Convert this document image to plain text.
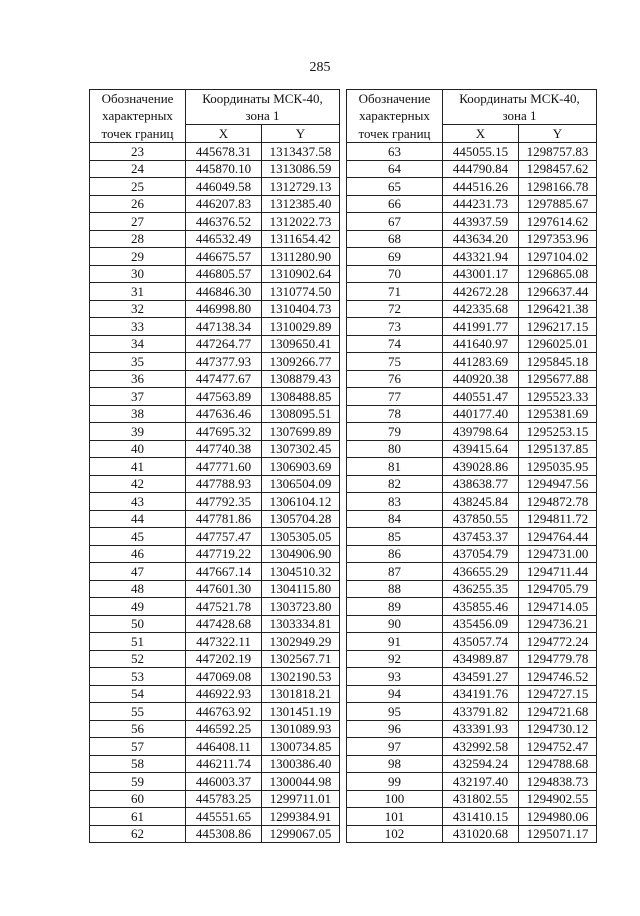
285
Обозначение	Координаты МСК-40,	
характерных	зона 1	
точек границ	X	Y
23	445678.31	1313437.58
24	445870.10	1313086.59
25	446049.58	1312729.13
26	446207.83	1312385.40
27	446376.52	1312022.73
28	446532.49	1311654.42
29	446675.57	1311280.90
30	446805.57	1310902.64
31	446846.30	1310774.50
32	446998.80	1310404.73
33	447138.34	1310029.89
34	447264.77	1309650.41
35	447377.93	1309266.77
36	447477.67	1308879.43
37	447563.89	1308488.85
38	447636.46	1308095.51
39	447695.32	1307699.89
40	447740.38	1307302.45
41	447771.60	1306903.69
42	447788.93	1306504.09
43	447792.35	1306104.12
44	447781.86	1305704.28
45	447757.47	1305305.05
46	447719.22	1304906.90
47	447667.14	1304510.32
48	447601.30	1304115.80
49	447521.78	1303723.80
50	447428.68	1303334.81
51	447322.11	1302949.29
52	447202.19	1302567.71
53	447069.08	1302190.53
54	446922.93	1301818.21
55	446763.92	1301451.19
56	446592.25	1301089.93
57	446408.11	1300734.85
58	446211.74	1300386.40
59	446003.37	1300044.98
60	445783.25	1299711.01
61	445551.65	1299384.91
62	445308.86	1299067.05
Обозначение	Координаты МСК-40,	
характерных	зона 1	
точек границ	X	Y
63	445055.15	1298757.83
64	444790.84	1298457.62
65	444516.26	1298166.78
66	444231.73	1297885.67
67	443937.59	1297614.62
68	443634.20	1297353.96
69	443321.94	1297104.02
70	443001.17	1296865.08
71	442672.28	1296637.44
72	442335.68	1296421.38
73	441991.77	1296217.15
74	441640.97	1296025.01
75	441283.69	1295845.18
76	440920.38	1295677.88
77	440551.47	1295523.33
78	440177.40	1295381.69
79	439798.64	1295253.15
80	439415.64	1295137.85
81	439028.86	1295035.95
82	438638.77	1294947.56
83	438245.84	1294872.78
84	437850.55	1294811.72
85	437453.37	1294764.44
86	437054.79	1294731.00
87	436655.29	1294711.44
88	436255.35	1294705.79
89	435855.46	1294714.05
90	435456.09	1294736.21
91	435057.74	1294772.24
92	434989.87	1294779.78
93	434591.27	1294746.52
94	434191.76	1294727.15
95	433791.82	1294721.68
96	433391.93	1294730.12
97	432992.58	1294752.47
98	432594.24	1294788.68
99	432197.40	1294838.73
100	431802.55	1294902.55
101	431410.15	1294980.06
102	431020.68	1295071.17
